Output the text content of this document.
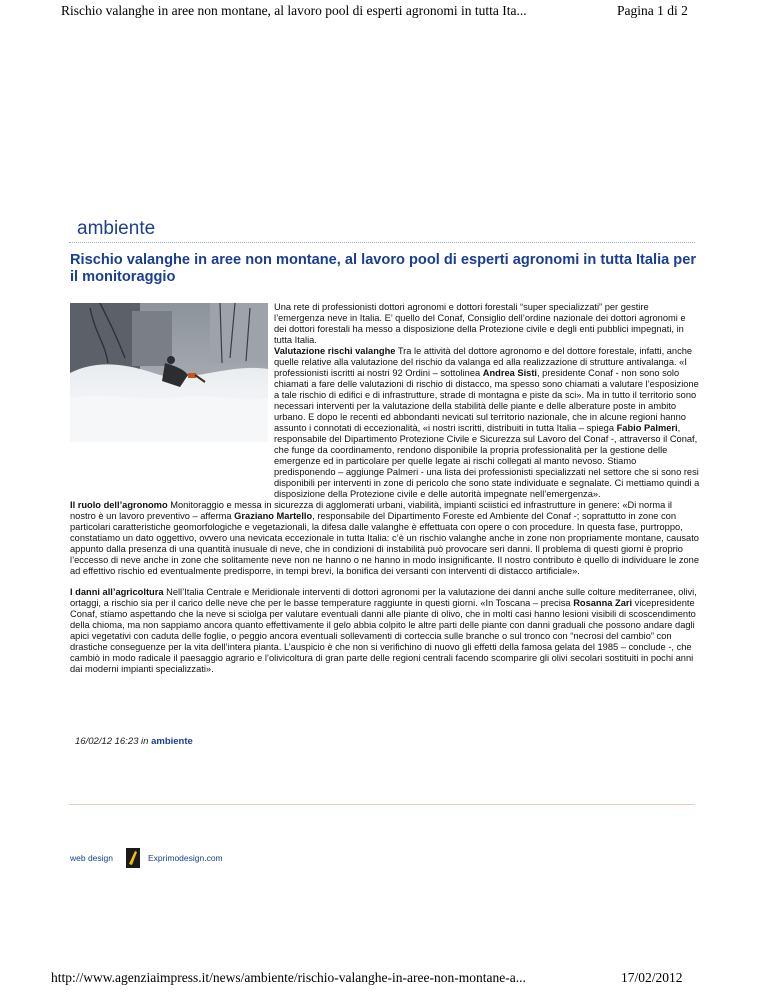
Rischio valanghe in aree non montane, al lavoro pool di esperti agronomi in tutta Ita...	Pagina 1 di 2
ambiente
Rischio valanghe in aree non montane, al lavoro pool di esperti agronomi in tutta Italia per il monitoraggio

Una rete di professionisti dottori agronomi e dottori forestali “super specializzati” per gestire l’emergenza neve in Italia. E’ quello del Conaf, Consiglio dell’ordine nazionale dei dottori agronomi e dei dottori forestali ha messo a disposizione della Protezione civile e degli enti pubblici impegnati, in tutta Italia.

Valutazione rischi valanghe Tra le attività del dottore agronomo e del dottore forestale, infatti, anche quelle relative alla valutazione del rischio da valanga ed alla realizzazione di strutture antivalanga. «I professionisti iscritti ai nostri 92 Ordini – sottolinea Andrea Sisti, presidente Conaf - non sono solo chiamati a fare delle valutazioni di rischio di distacco, ma spesso sono chiamati a valutare l’esposizione a tale rischio di edifici e di infrastrutture, strade di montagna e piste da sci». Ma in tutto il territorio sono necessari interventi per la valutazione della stabilità delle piante e delle alberature poste in ambito urbano. E dopo le recenti ed abbondanti nevicati sul territorio nazionale, che in alcune regioni hanno assunto i connotati di eccezionalità, «i nostri iscritti, distribuiti in tutta Italia – spiega Fabio Palmeri, responsabile del Dipartimento Protezione Civile e Sicurezza sul Lavoro del Conaf -, attraverso il Conaf, che funge da coordinamento, rendono disponibile la propria professionalità per la gestione delle emergenze ed in particolare per quelle legate ai rischi collegati al manto nevoso. Stiamo predisponendo – aggiunge Palmeri - una lista dei professionisti specializzati nel settore che si sono resi disponibili per interventi in zone di pericolo che sono state individuate e segnalate. Ci mettiamo quindi a disposizione della Protezione civile e delle autorità impegnate nell’emergenza».

Il ruolo dell’agronomo Monitoraggio e messa in sicurezza di agglomerati urbani, viabilità, impianti sciistici ed infrastrutture in genere: «Di norma il nostro è un lavoro preventivo – afferma Graziano Martello, responsabile del Dipartimento Foreste ed Ambiente del Conaf -; soprattutto in zone con particolari caratteristiche geomorfologiche e vegetazionali, la difesa dalle valanghe è effettuata con opere o con procedure. In questa fase, purtroppo, constatiamo un dato oggettivo, ovvero una nevicata eccezionale in tutta Italia: c’è un rischio valanghe anche in zone non propriamente montane, causato appunto dalla presenza di una quantità inusuale di neve, che in condizioni di instabilità può provocare seri danni. Il problema di questi giorni è proprio l’eccesso di neve anche in zone che solitamente neve non ne hanno o ne hanno in modo insignificante. Il nostro contributo è quello di individuare le zone ad effettivo rischio ed eventualmente predisporre, in tempi brevi, la bonifica dei versanti con interventi di distacco artificiale».

I danni all’agricoltura Nell’Italia Centrale e Meridionale interventi di dottori agronomi per la valutazione dei danni anche sulle colture mediterranee, olivi, ortaggi, a rischio sia per il carico delle neve che per le basse temperature raggiunte in questi giorni. «In Toscana – precisa Rosanna Zari vicepresidente Conaf, stiamo aspettando che la neve si sciolga per valutare eventuali danni alle piante di olivo, che in molti casi hanno lesioni visibili di scoscendimento della chioma, ma non sappiamo ancora quanto effettivamente il gelo abbia colpito le altre parti delle piante con danni graduali che possono andare dagli apici vegetativi con caduta delle foglie, o peggio ancora eventuali sollevamenti di corteccia sulle branche o sul tronco con “necrosi del cambio” con drastiche conseguenze per la vita dell’intera pianta. L’auspicio è che non si verifichino di nuovo gli effetti della famosa gelata del 1985 – conclude -, che cambiò in modo radicale il paesaggio agrario e l’olivicoltura di gran parte delle regioni centrali facendo scomparire gli olivi secolari sostituiti in pochi anni dai moderni impianti specializzati».

16/02/12 16:23 in ambiente
web design	Exprimodesign.com
http://www.agenziaimpress.it/news/ambiente/rischio-valanghe-in-aree-non-montane-a...	17/02/2012
